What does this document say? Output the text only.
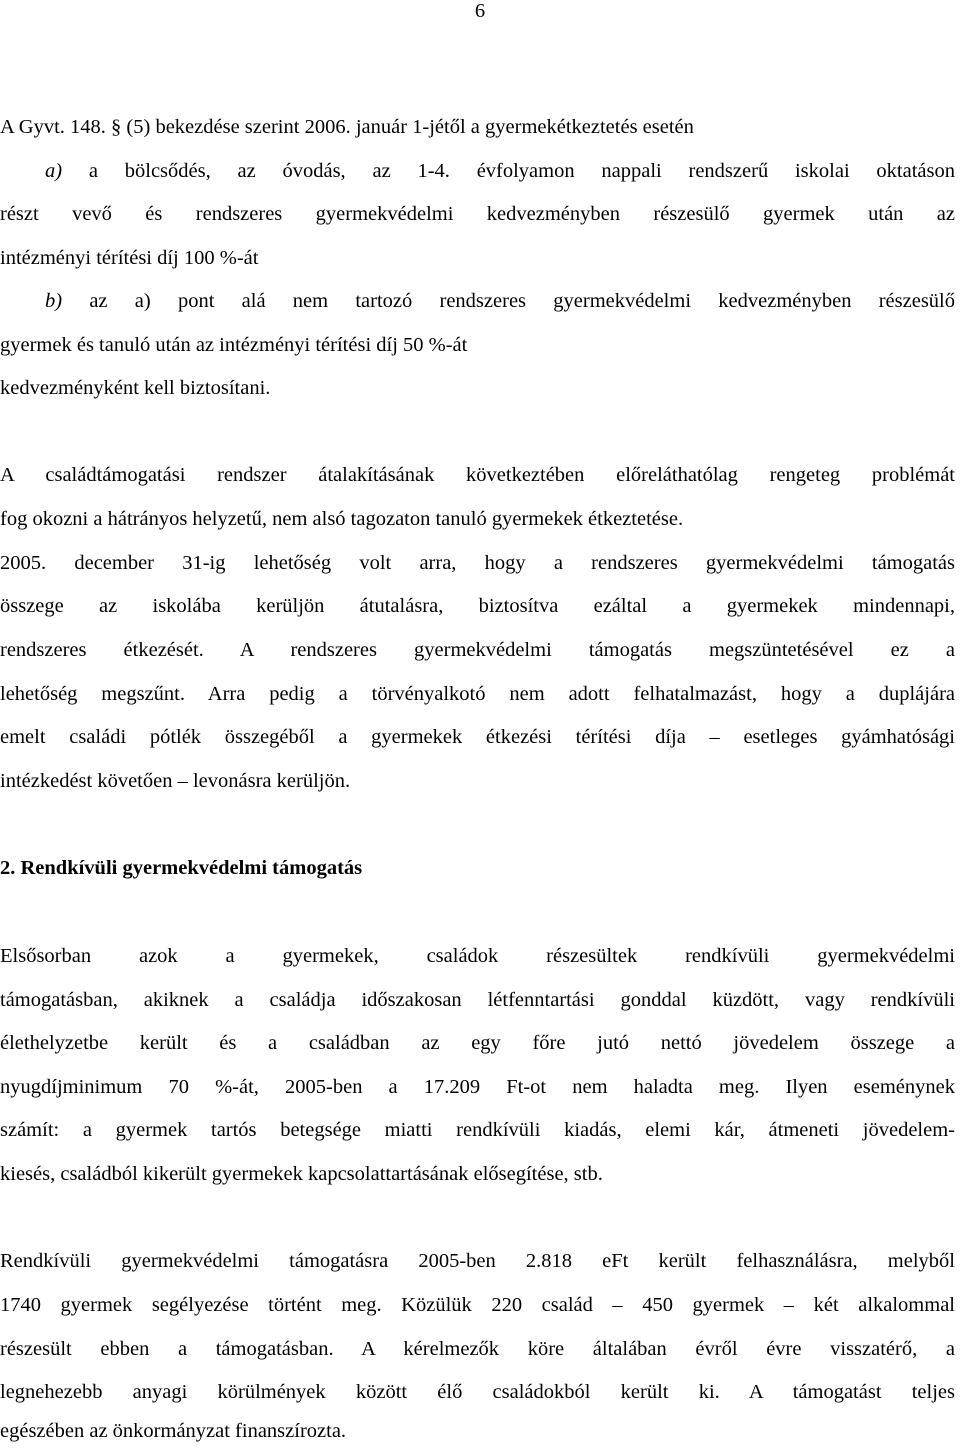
6
A Gyvt. 148. § (5) bekezdése szerint 2006. január 1-jétől a gyermekétkeztetés esetén
a) a bölcsődés, az óvodás, az 1-4. évfolyamon nappali rendszerű iskolai oktatáson
részt vevő és rendszeres gyermekvédelmi kedvezményben részesülő gyermek után az
intézményi térítési díj 100 %-át
b) az a) pont alá nem tartozó rendszeres gyermekvédelmi kedvezményben részesülő
gyermek és tanuló után az intézményi térítési díj 50 %-át
kedvezményként kell biztosítani.
A családtámogatási rendszer átalakításának következtében előreláthatólag rengeteg problémát
fog okozni a hátrányos helyzetű, nem alsó tagozaton tanuló gyermekek étkeztetése.
2005. december 31-ig lehetőség volt arra, hogy a rendszeres gyermekvédelmi támogatás
összege az iskolába kerüljön átutalásra, biztosítva ezáltal a gyermekek mindennapi,
rendszeres étkezését. A rendszeres gyermekvédelmi támogatás megszüntetésével ez a
lehetőség megszűnt. Arra pedig a törvényalkotó nem adott felhatalmazást, hogy a duplájára
emelt családi pótlék összegéből a gyermekek étkezési térítési díja – esetleges gyámhatósági
intézkedést követően – levonásra kerüljön.
2. Rendkívüli gyermekvédelmi támogatás
Elsősorban azok a gyermekek, családok részesültek rendkívüli gyermekvédelmi
támogatásban, akiknek a családja időszakosan létfenntartási gonddal küzdött, vagy rendkívüli
élethelyzetbe került és a családban az egy főre jutó nettó jövedelem összege a
nyugdíjminimum 70 %-át, 2005-ben a 17.209 Ft-ot nem haladta meg. Ilyen eseménynek
számít: a gyermek tartós betegsége miatti rendkívüli kiadás, elemi kár, átmeneti jövedelem-
kiesés, családból kikerült gyermekek kapcsolattartásának elősegítése, stb.
Rendkívüli gyermekvédelmi támogatásra 2005-ben 2.818 eFt került felhasználásra, melyből
1740 gyermek segélyezése történt meg. Közülük 220 család – 450 gyermek – két alkalommal
részesült ebben a támogatásban. A kérelmezők köre általában évről évre visszatérő, a
legnehezebb anyagi körülmények között élő családokból került ki. A támogatást teljes
egészében az önkormányzat finanszírozta.
